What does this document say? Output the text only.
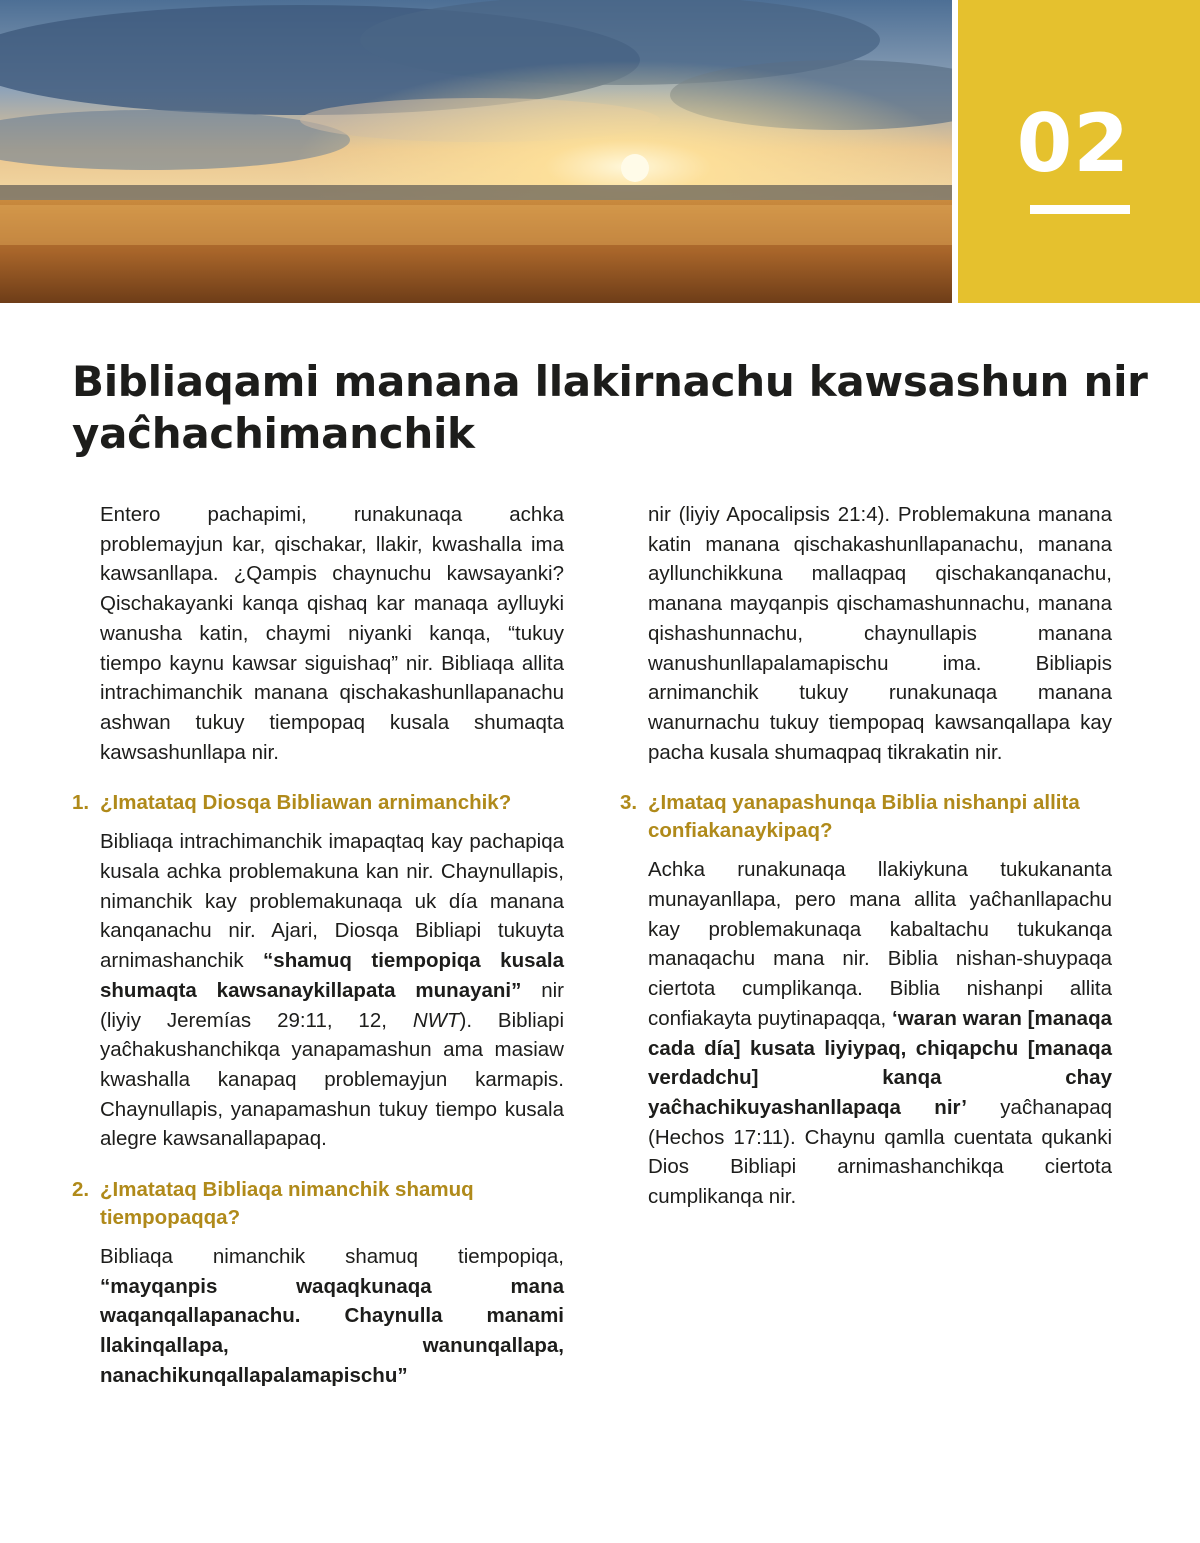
02
Bibliaqami manana llakirnachu kawsashun nir yaĉhachimanchik

Entero pachapimi, runakunaqa achka problemayjun kar, qischakar, llakir, kwashalla ima kawsanllapa. ¿Qampis chaynuchu kawsayanki? Qischakayanki kanqa qishaq kar manaqa aylluyki wanusha katin, chaymi niyanki kanqa, “tukuy tiempo kaynu kawsar siguishaq” nir. Bibliaqa allita intrachimanchik manana qischakashunllapanachu ashwan tukuy tiempopaq kusala shumaqta kawsashunllapa nir.

1. ¿Imatataq Diosqa Bibliawan arnimanchik?

Bibliaqa intrachimanchik imapaqtaq kay pachapiqa kusala achka problemakuna kan nir. Chaynullapis, nimanchik kay problemakunaqa uk día manana kanqanachu nir. Ajari, Diosqa Bibliapi tukuyta arnimashanchik “shamuq tiempopiqa kusala shumaqta kawsanaykillapata munayani” nir (liyiy Jeremías 29:11, 12, NWT). Bibliapi yaĉhakushanchikqa yanapamashun ama masiaw kwashalla kanapaq problemayjun karmapis. Chaynullapis, yanapamashun tukuy tiempo kusala alegre kawsanallapapaq.

2. ¿Imatataq Bibliaqa nimanchik shamuq tiempopaqqa?

Bibliaqa nimanchik shamuq tiempopiqa, “mayqanpis waqaqkunaqa mana waqanqallapanachu. Chaynulla manami llakinqallapa, wanunqallapa, nanachikunqallapalamapischu”

nir (liyiy Apocalipsis 21:4). Problemakuna manana katin manana qischakashunllapanachu, manana ayllunchikkuna mallaqpaq qischakanqanachu, manana mayqanpis qischamashunnachu, manana qishashunnachu, chaynullapis manana wanushunllapalamapischu ima. Bibliapis arnimanchik tukuy runakunaqa manana wanurnachu tukuy tiempopaq kawsanqallapa kay pacha kusala shumaqpaq tikrakatin nir.

3. ¿Imataq yanapashunqa Biblia nishanpi allita confiakanaykipaq?

Achka runakunaqa llakiykuna tukukananta munayanllapa, pero mana allita yaĉhanllapachu kay problemakunaqa kabaltachu tukukanqa manaqachu mana nir. Biblia nishan-shuypaqa ciertota cumplikanqa. Biblia nishanpi allita confiakayta puytinapaqqa, ‘waran waran [manaqa cada día] kusata liyiypaq, chiqapchu [manaqa verdadchu] kanqa chay yaĉhachikuyashanllapaqa nir’ yaĉhanapaq (Hechos 17:11). Chaynu qamlla cuentata qukanki Dios Bibliapi arnimashanchikqa ciertota cumplikanqa nir.
